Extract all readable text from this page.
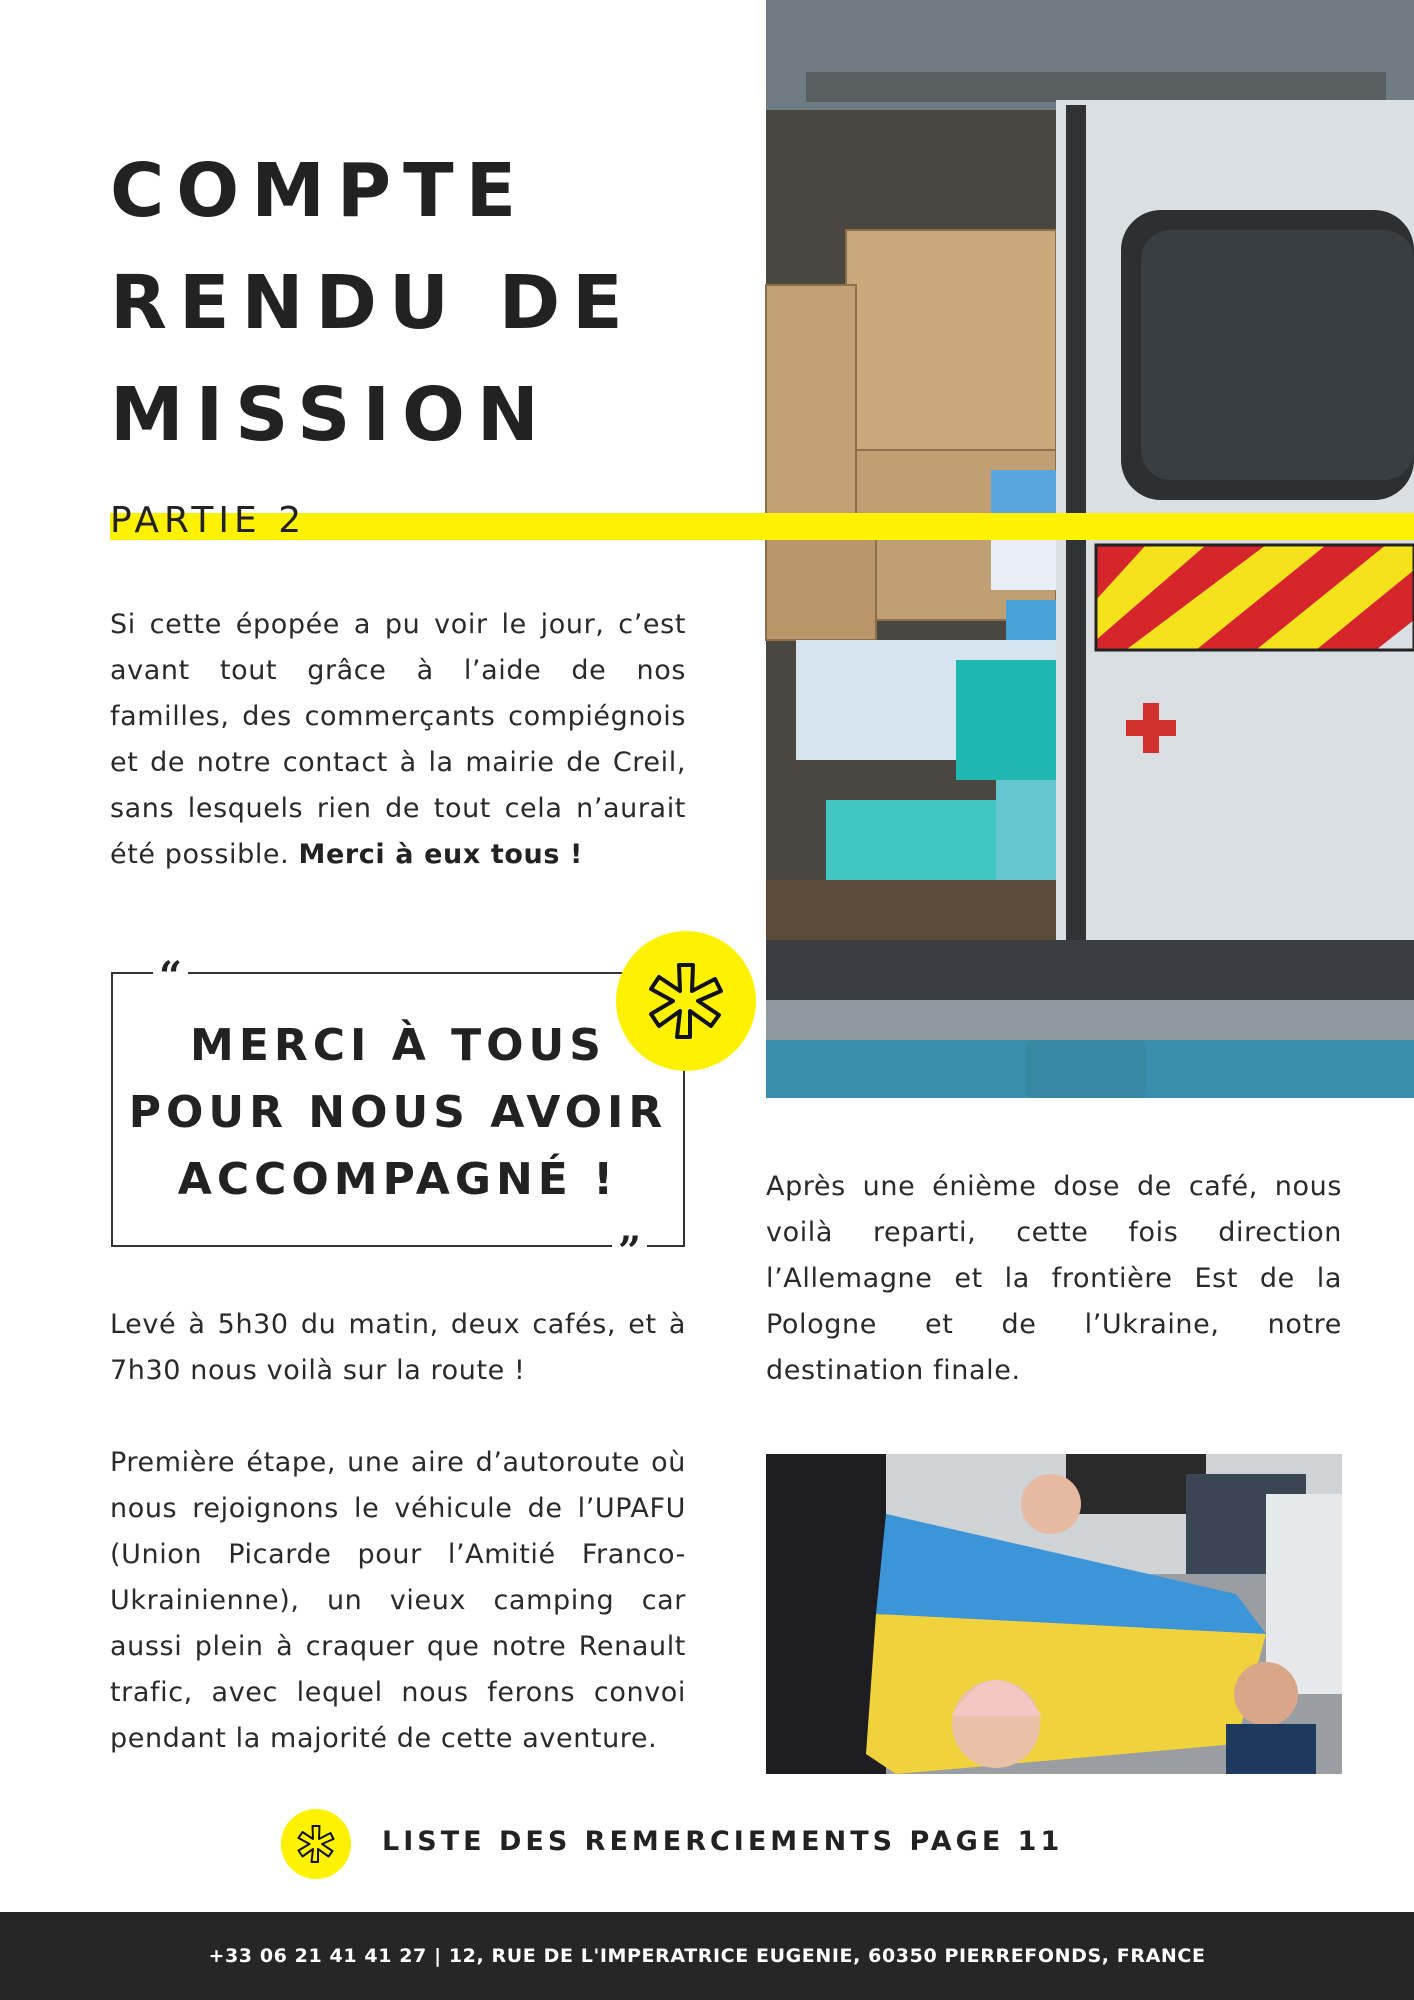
COMPTE
RENDU DE
MISSION
PARTIE 2

Si cette épopée a pu voir le jour, c’est avant tout grâce à l’aide de nos familles, des commerçants compiégnois et de notre contact à la mairie de Creil, sans lesquels rien de tout cela n’aurait été possible. Merci à eux tous !

“
MERCI À TOUS
POUR NOUS AVOIR
ACCOMPAGNÉ !
”

Après une énième dose de café, nous voilà reparti, cette fois direction l’Allemagne et la frontière Est de la Pologne et de l’Ukraine, notre destination finale.

Levé à 5h30 du matin, deux cafés, et à 7h30 nous voilà sur la route !

Première étape, une aire d’autoroute où nous rejoignons le véhicule de l’UPAFU (Union Picarde pour l’Amitié Franco-Ukrainienne), un vieux camping car aussi plein à craquer que notre Renault trafic, avec lequel nous ferons convoi pendant la majorité de cette aventure.

LISTE DES REMERCIEMENTS PAGE 11
+33 06 21 41 41 27 | 12, RUE DE L'IMPERATRICE EUGENIE, 60350 PIERREFONDS, FRANCE
